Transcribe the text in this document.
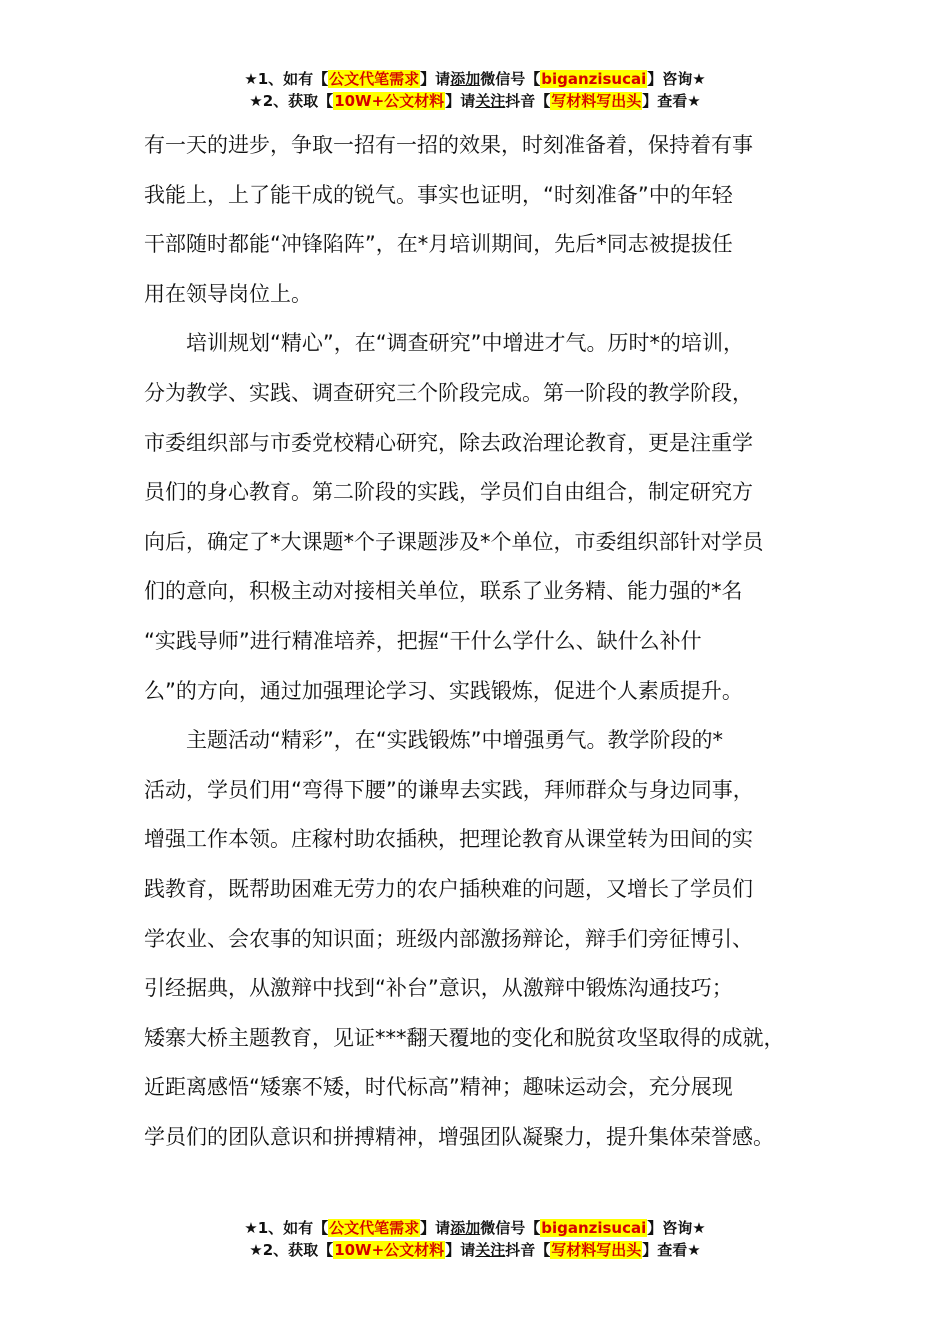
★1、如有【公文代笔需求】请添加微信号【biganzisucai】咨询★
★2、获取【10W+公文材料】请关注抖音【写材料写出头】查看★
有一天的进步，争取一招有一招的效果，时刻准备着，保持着有事
我能上，上了能干成的锐气。事实也证明，“时刻准备”中的年轻
干部随时都能“冲锋陷阵”，在*月培训期间，先后*同志被提拔任
用在领导岗位上。
　　培训规划“精心”，在“调查研究”中增进才气。历时*的培训，
分为教学、实践、调查研究三个阶段完成。第一阶段的教学阶段，
市委组织部与市委党校精心研究，除去政治理论教育，更是注重学
员们的身心教育。第二阶段的实践，学员们自由组合，制定研究方
向后，确定了*大课题*个子课题涉及*个单位，市委组织部针对学员
们的意向，积极主动对接相关单位，联系了业务精、能力强的*名
“实践导师”进行精准培养，把握“干什么学什么、缺什么补什
么”的方向，通过加强理论学习、实践锻炼，促进个人素质提升。
　　主题活动“精彩”，在“实践锻炼”中增强勇气。教学阶段的*
活动，学员们用“弯得下腰”的谦卑去实践，拜师群众与身边同事，
增强工作本领。庄稼村助农插秧，把理论教育从课堂转为田间的实
践教育，既帮助困难无劳力的农户插秧难的问题，又增长了学员们
学农业、会农事的知识面；班级内部激扬辩论，辩手们旁征博引、
引经据典，从激辩中找到“补台”意识，从激辩中锻炼沟通技巧；
矮寨大桥主题教育，见证***翻天覆地的变化和脱贫攻坚取得的成就，
近距离感悟“矮寨不矮，时代标高”精神；趣味运动会，充分展现
学员们的团队意识和拼搏精神，增强团队凝聚力，提升集体荣誉感。
★1、如有【公文代笔需求】请添加微信号【biganzisucai】咨询★
★2、获取【10W+公文材料】请关注抖音【写材料写出头】查看★
